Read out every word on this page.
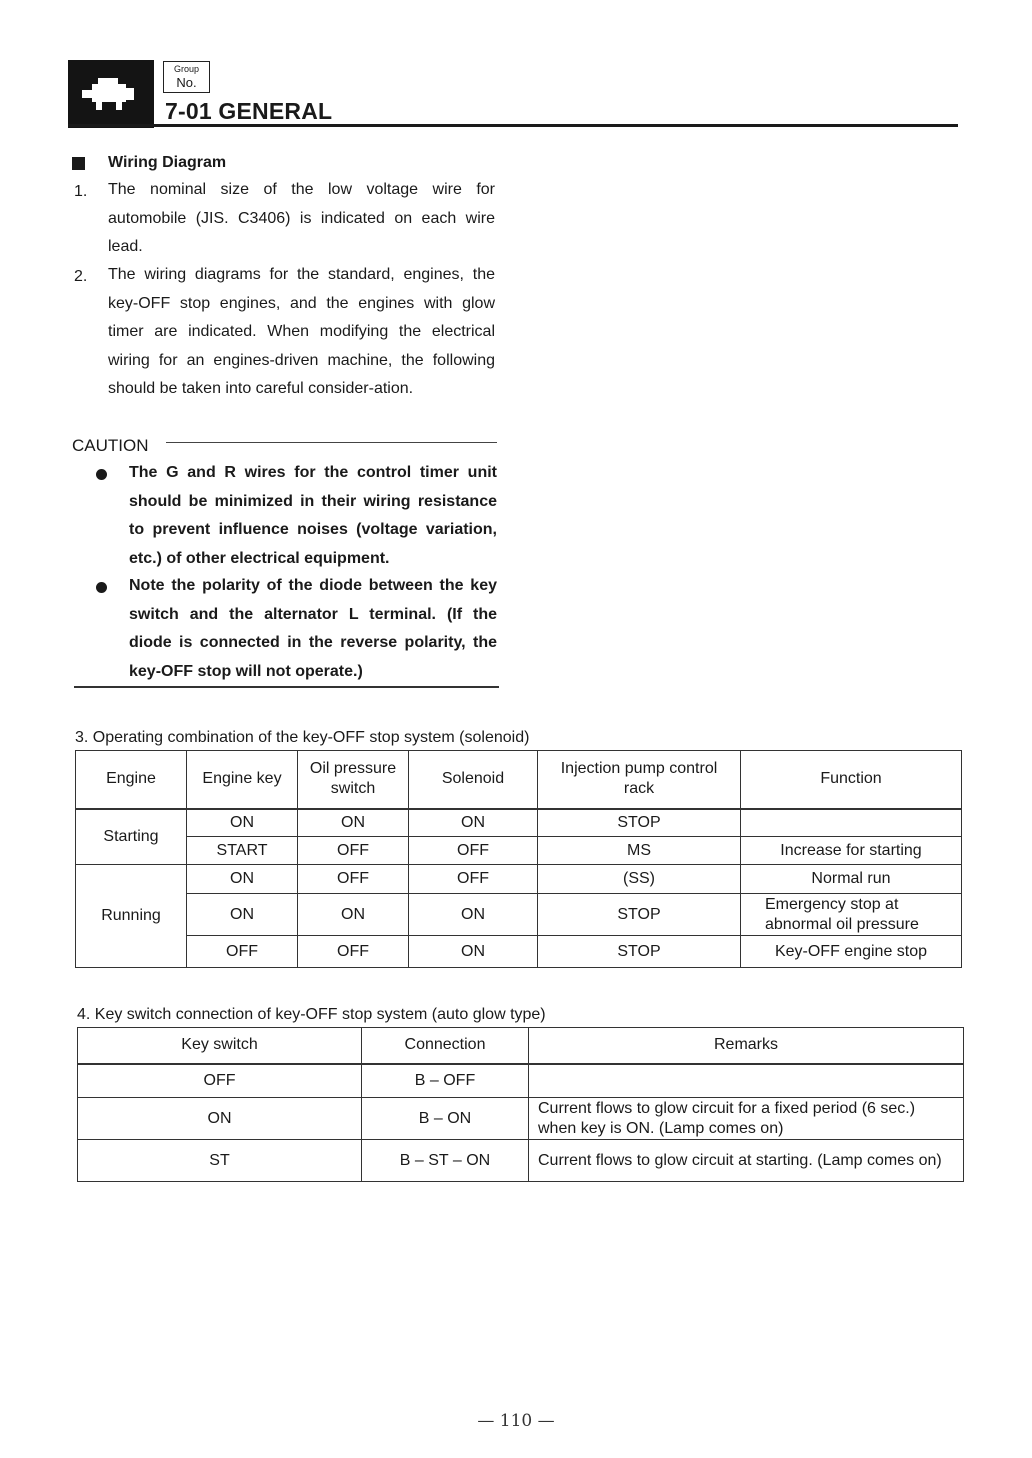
Group
No.
7-01 GENERAL
Wiring Diagram
1. The nominal size of the low voltage wire for automobile (JIS. C3406) is indicated on each wire lead.
2. The wiring diagrams for the standard, engines, the key-OFF stop engines, and the engines with glow timer are indicated. When modifying the electrical wiring for an engines-driven machine, the following should be taken into careful consider-ation.
CAUTION
The G and R wires for the control timer unit should be minimized in their wiring resistance to prevent influence noises (voltage variation, etc.) of other electrical equipment.
Note the polarity of the diode between the key switch and the alternator L terminal. (If the diode is connected in the reverse polarity, the key-OFF stop will not operate.)
3. Operating combination of the key-OFF stop system (solenoid)
Engine	Engine key	Oil pressure switch	Solenoid	Injection pump control rack	Function
Starting	ON	ON	ON	STOP	
	START	OFF	OFF	MS	Increase for starting
Running	ON	OFF	OFF	(SS)	Normal run
	ON	ON	ON	STOP	Emergency stop at abnormal oil pressure
	OFF	OFF	ON	STOP	Key-OFF engine stop
4. Key switch connection of key-OFF stop system (auto glow type)
Key switch	Connection	Remarks
OFF	B – OFF	
ON	B – ON	Current flows to glow circuit for a fixed period (6 sec.) when key is ON. (Lamp comes on)
ST	B – ST – ON	Current flows to glow circuit at starting. (Lamp comes on)
— 110 —
